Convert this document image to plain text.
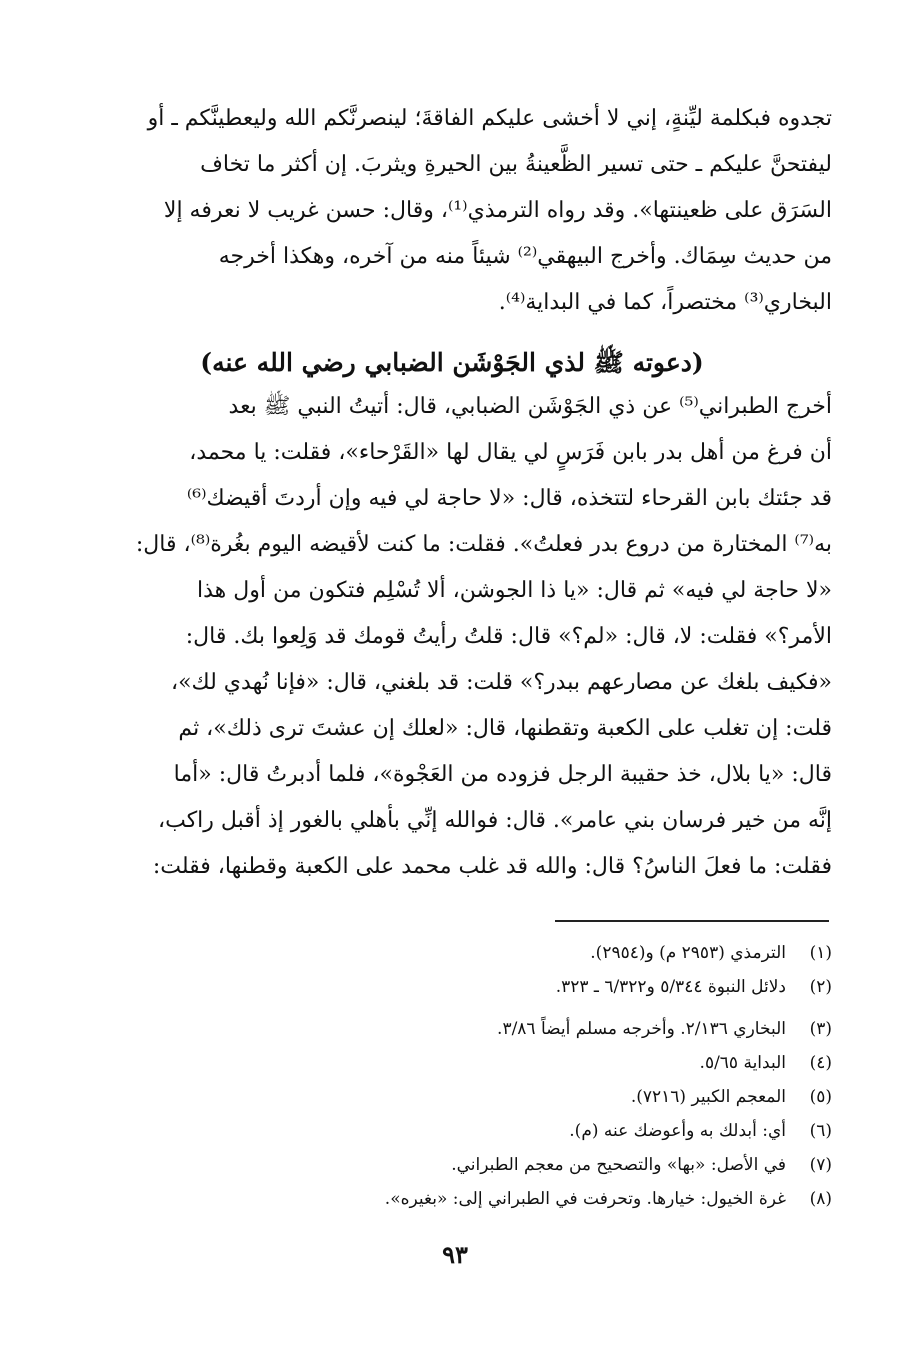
تجدوه فبكلمة ليِّنةٍ، إني لا أخشى عليكم الفاقةَ؛ لينصرنَّكم الله وليعطينَّكم ـ أو
ليفتحنَّ عليكم ـ حتى تسير الظَّعينةُ بين الحيرةِ ويثربَ. إن أكثر ما تخاف
السَرَق على ظعينتها». وقد رواه الترمذي⁽¹⁾، وقال: حسن غريب لا نعرفه إلا
من حديث سِمَاك. وأخرج البيهقي⁽²⁾ شيئاً منه من آخره، وهكذا أخرجه
البخاري⁽³⁾ مختصراً، كما في البداية⁽⁴⁾.
(دعوته ﷺ لذي الجَوْشَن الضبابي رضي الله عنه)
أخرج الطبراني⁽⁵⁾ عن ذي الجَوْشَن الضبابي، قال: أتيتُ النبي ﷺ بعد
أن فرغ من أهل بدر بابن فَرَسٍ لي يقال لها «القَرْحاء»، فقلت: يا محمد،
قد جئتك بابن القرحاء لتتخذه، قال: «لا حاجة لي فيه وإن أردتَ أقيضك⁽⁶⁾
به⁽⁷⁾ المختارة من دروع بدر فعلتُ». فقلت: ما كنت لأقيضه اليوم بغُرة⁽⁸⁾، قال:
«لا حاجة لي فيه» ثم قال: «يا ذا الجوشن، ألا تُسْلِم فتكون من أول هذا
الأمر؟» فقلت: لا، قال: «لم؟» قال: قلتُ رأيتُ قومك قد وَلِعوا بك. قال:
«فكيف بلغك عن مصارعهم ببدر؟» قلت: قد بلغني، قال: «فإنا نُهدي لك»،
قلت: إن تغلب على الكعبة وتقطنها، قال: «لعلك إن عشتَ ترى ذلك»، ثم
قال: «يا بلال، خذ حقيبة الرجل فزوده من العَجْوة»، فلما أدبرتُ قال: «أما
إنَّه من خير فرسان بني عامر». قال: فوالله إنِّي بأهلي بالغور إذ أقبل راكب،
فقلت: ما فعلَ الناسُ؟ قال: والله قد غلب محمد على الكعبة وقطنها، فقلت:
(١)
الترمذي (٢٩٥٣ م) و(٢٩٥٤).
(٢)
دلائل النبوة ٥/٣٤٤ و٦/٣٢٢ ـ ٣٢٣.
(٣)
البخاري ٢/١٣٦. وأخرجه مسلم أيضاً ٣/٨٦.
(٤)
البداية ٥/٦٥.
(٥)
المعجم الكبير (٧٢١٦).
(٦)
أي: أبدلك به وأعوضك عنه (م).
(٧)
في الأصل: «بها» والتصحيح من معجم الطبراني.
(٨)
غرة الخيول: خيارها. وتحرفت في الطبراني إلى: «بغيره».
٩٣
